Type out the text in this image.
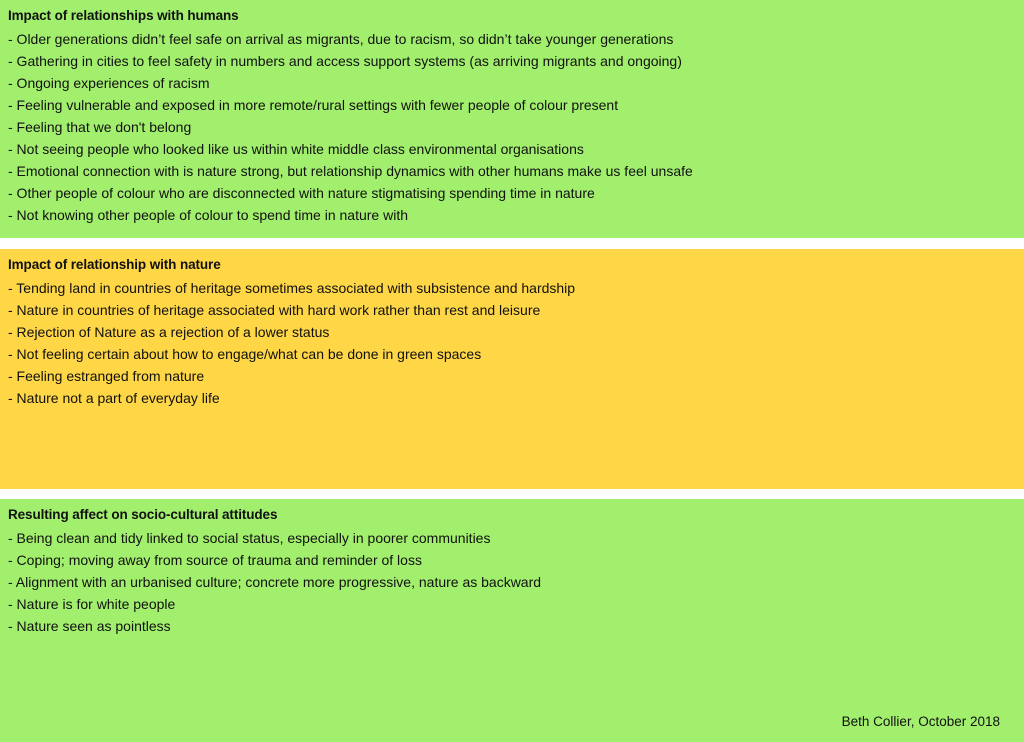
Impact of relationships with humans
- Older generations didn’t feel safe on arrival as migrants, due to racism, so didn’t take younger generations
- Gathering in cities to feel safety in numbers and access support systems (as arriving migrants and ongoing)
- Ongoing experiences of racism
- Feeling vulnerable and exposed in more remote/rural settings with fewer people of colour present
- Feeling that we don't belong
- Not seeing people who looked like us within white middle class environmental organisations
- Emotional connection with is nature strong, but relationship dynamics with other humans make us feel unsafe
- Other people of colour who are disconnected with nature stigmatising spending time in nature
- Not knowing other people of colour to spend time in nature with
Impact of relationship with nature
- Tending land in countries of heritage sometimes associated with subsistence and hardship
- Nature in countries of heritage associated with hard work rather than rest and leisure
- Rejection of Nature as a rejection of a lower status
- Not feeling certain about how to engage/what can be done in green spaces
- Feeling estranged from nature
- Nature not a part of everyday life
Resulting affect on socio-cultural attitudes
- Being clean and tidy linked to social status, especially in poorer communities
- Coping; moving away from source of trauma and reminder of loss
- Alignment with an urbanised culture; concrete more progressive, nature as backward
- Nature is for white people
- Nature seen as pointless
Beth Collier, October 2018
